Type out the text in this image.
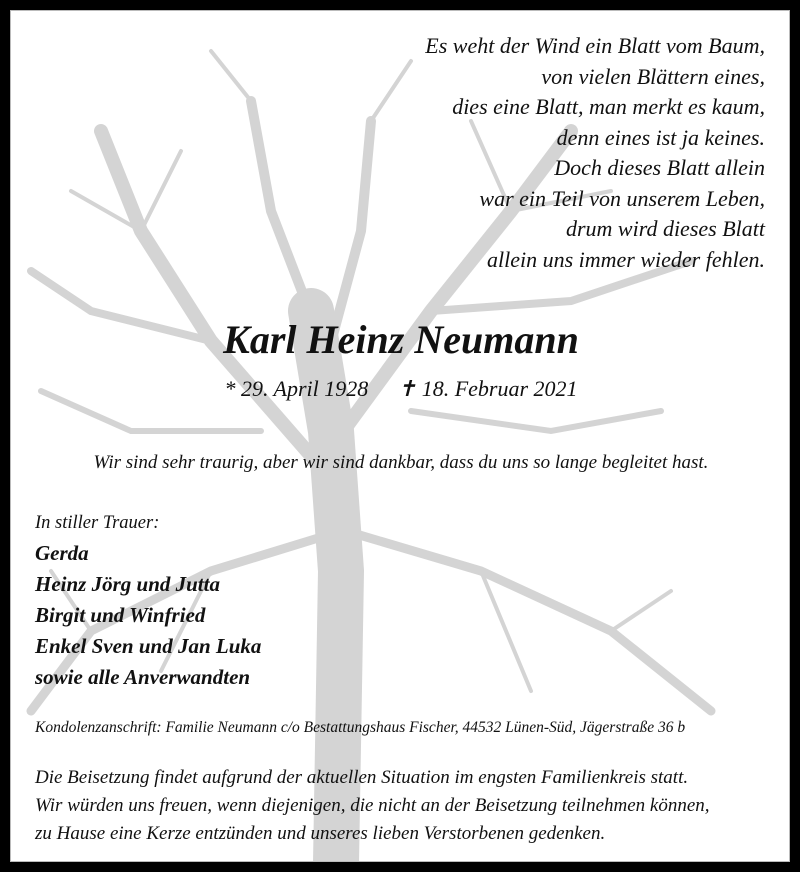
Es weht der Wind ein Blatt vom Baum,
von vielen Blättern eines,
dies eine Blatt, man merkt es kaum,
denn eines ist ja keines.
Doch dieses Blatt allein
war ein Teil von unserem Leben,
drum wird dieses Blatt
allein uns immer wieder fehlen.
Karl Heinz Neumann
* 29. April 1928 ✝ 18. Februar 2021
Wir sind sehr traurig, aber wir sind dankbar, dass du uns so lange begleitet hast.
In stiller Trauer:
Gerda
Heinz Jörg und Jutta
Birgit und Winfried
Enkel Sven und Jan Luka
sowie alle Anverwandten
Kondolenzanschrift: Familie Neumann c/o Bestattungshaus Fischer, 44532 Lünen-Süd, Jägerstraße 36 b
Die Beisetzung findet aufgrund der aktuellen Situation im engsten Familienkreis statt.
Wir würden uns freuen, wenn diejenigen, die nicht an der Beisetzung teilnehmen können,
zu Hause eine Kerze entzünden und unseres lieben Verstorbenen gedenken.
